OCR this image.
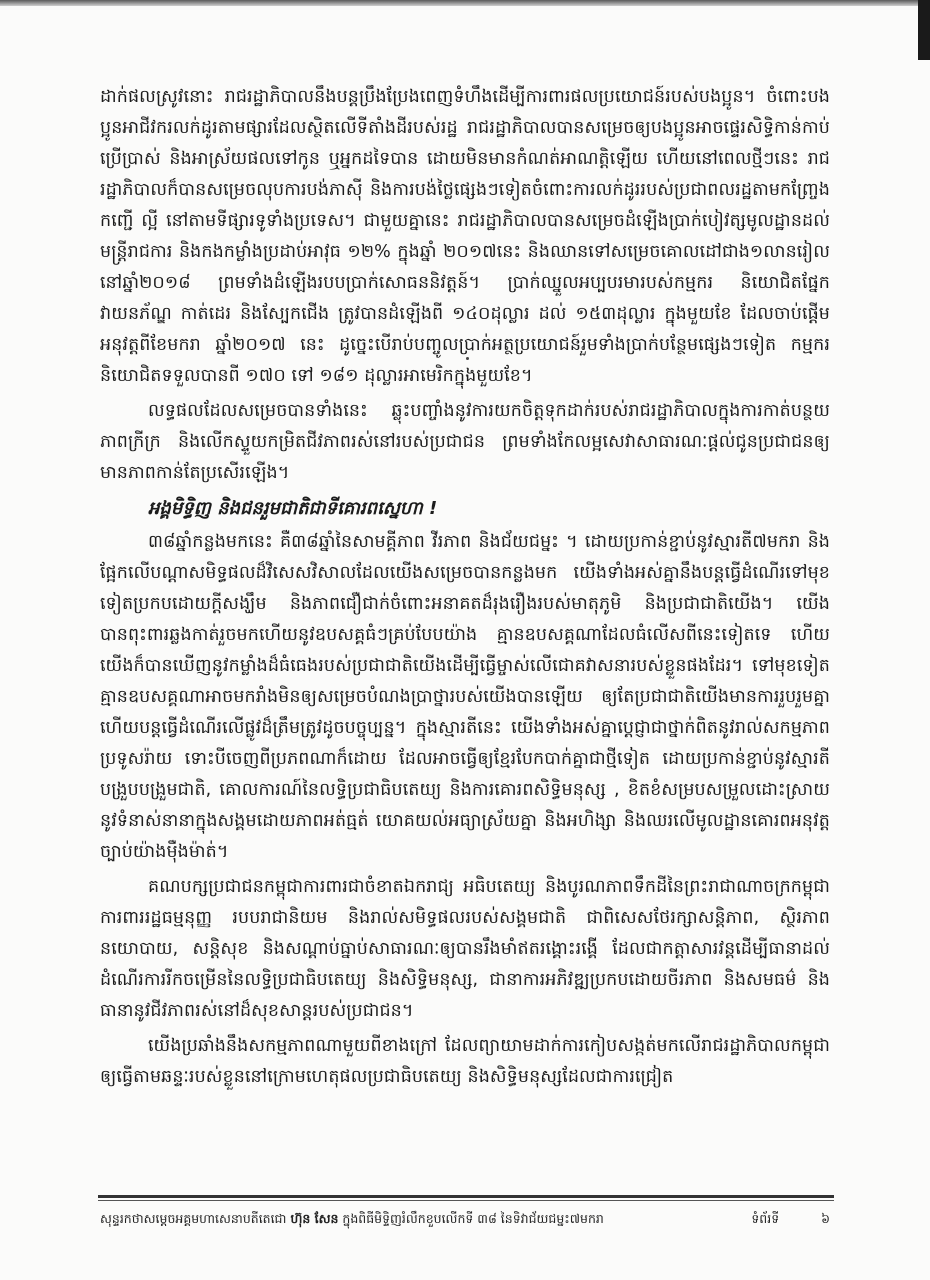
ដាក់ផលស្រូវនោះ រាជរដ្ឋាភិបាលនឹងបន្តប្រឹងប្រែងពេញទំហឹងដើម្បីការពារផលប្រយោជន៍របស់បងប្អូន។ ចំពោះបងប្អូនអាជីវករលក់ដូរតាមផ្សារដែលស្ថិតលើទីតាំងដីរបស់រដ្ឋ រាជរដ្ឋាភិបាលបានសម្រេចឲ្យបងប្អូនអាចផ្ទេរសិទ្ធិកាន់កាប់ ប្រើប្រាស់ និងអាស្រ័យផលទៅកូន ឬអ្នកដទៃបាន ដោយមិនមានកំណត់អាណត្តិឡើយ ហើយនៅពេលថ្មីៗនេះ រាជរដ្ឋាភិបាលក៏បានសម្រេចលុបការបង់ភាស៊ី និងការបង់ថ្លៃផ្សេងៗទៀតចំពោះការលក់ដូររបស់ប្រជាពលរដ្ឋតាមកញ្ច្រែង កញ្ជើ ល្អី នៅតាមទីផ្សារទូទាំងប្រទេស។ ជាមួយគ្នានេះ រាជរដ្ឋាភិបាលបានសម្រេចដំឡើងប្រាក់បៀវត្សមូលដ្ឋានដល់មន្ត្រីរាជការ និងកងកម្លាំងប្រដាប់អាវុធ ១២% ក្នុងឆ្នាំ ២០១៧នេះ និងឈានទៅសម្រេចគោលដៅជាង១លានរៀល នៅឆ្នាំ២០១៨ ព្រមទាំងដំឡើងរបបប្រាក់សោធននិវត្តន៍។ ប្រាក់ឈ្នួលអប្បបរមារបស់កម្មករ និយោជិតផ្នែកវាយនភ័ណ្ឌ កាត់ដេរ និងស្បែកជើង ត្រូវបានដំឡើងពី ១៤០ដុល្លារ ដល់ ១៥៣ដុល្លារ ក្នុងមួយខែ ដែលចាប់ផ្ដើមអនុវត្តពីខែមករា ឆ្នាំ២០១៧ នេះ ដូច្នេះបើរាប់បញ្ចូលប្រាក់អត្ថប្រយោជន៍រួមទាំងប្រាក់បន្ថែមផ្សេងៗទៀត កម្មករ និយោជិតទទួលបានពី ១៧០ ទៅ ១៨១ ដុល្លារអាមេរិកក្នុងមួយខែ។

លទ្ធផលដែលសម្រេចបានទាំងនេះ ឆ្លុះបញ្ចាំងនូវការយកចិត្តទុកដាក់របស់រាជរដ្ឋាភិបាលក្នុងការកាត់បន្ថយភាពក្រីក្រ និងលើកស្ទួយកម្រិតជីវភាពរស់នៅរបស់ប្រជាជន ព្រមទាំងកែលម្អសេវាសាធារណៈផ្ដល់ជូនប្រជាជនឲ្យមានភាពកាន់តែប្រសើរឡើង។

អង្គមិទ្ធិញ និងជនរួមជាតិជាទីគោរពស្នេហា !

៣៨ឆ្នាំកន្លងមកនេះ គឺ៣៨ឆ្នាំនៃសាមគ្គីភាព វីរភាព និងជ័យជម្នះ ។ ដោយប្រកាន់ខ្ជាប់នូវស្មារតី៧មករា និងផ្អែកលើបណ្ដាសមិទ្ធផលដ៏វិសេសវិសាលដែលយើងសម្រេចបានកន្លងមក យើងទាំងអស់គ្នានឹងបន្តធ្វើដំណើរទៅមុខទៀតប្រកបដោយក្ដីសង្ឃឹម និងភាពជឿជាក់ចំពោះអនាគតដ៏រុងរឿងរបស់មាតុភូមិ និងប្រជាជាតិយើង។ យើងបានពុះពារឆ្លងកាត់រួចមកហើយនូវឧបសគ្គធំៗគ្រប់បែបយ៉ាង គ្មានឧបសគ្គណាដែលធំលើសពីនេះទៀតទេ ហើយយើងក៏បានឃើញនូវកម្លាំងដ៏ធំធេងរបស់ប្រជាជាតិយើងដើម្បីធ្វើម្ចាស់លើជោគវាសនារបស់ខ្លួនផងដែរ។ ទៅមុខទៀត គ្មានឧបសគ្គណាអាចមករាំងមិនឲ្យសម្រេចបំណងប្រាថ្នារបស់យើងបានឡើយ ឲ្យតែប្រជាជាតិយើងមានការរួបរួមគ្នា ហើយបន្តធ្វើដំណើរលើផ្លូវដ៏ត្រឹមត្រូវដូចបច្ចុប្បន្ន។ ក្នុងស្មារតីនេះ យើងទាំងអស់គ្នាប្ដេជ្ញាជាថ្នាក់ពិតនូវរាល់សកម្មភាពប្រទូសរ៉ាយ ទោះបីចេញពីប្រភពណាក៏ដោយ ដែលអាចធ្វើឲ្យខ្មែរបែកបាក់គ្នាជាថ្មីទៀត ដោយប្រកាន់ខ្ជាប់នូវស្មារតីបង្រួបបង្រួមជាតិ, គោលការណ៍នៃលទ្ធិប្រជាធិបតេយ្យ និងការគោរពសិទ្ធិមនុស្ស , ខិតខំសម្របសម្រួលដោះស្រាយនូវទំនាស់នានាក្នុងសង្គមដោយភាពអត់ធ្មត់ យោគយល់អធ្យាស្រ័យគ្នា និងអហិង្សា និងឈរលើមូលដ្ឋានគោរពអនុវត្តច្បាប់យ៉ាងម៉ឺងម៉ាត់។

គណបក្សប្រជាជនកម្ពុជាការពារជាចំខាតឯករាជ្យ អធិបតេយ្យ និងបូរណភាពទឹកដីនៃព្រះរាជាណាចក្រកម្ពុជា ការពាររដ្ឋធម្មនុញ្ញ របបរាជានិយម និងរាល់សមិទ្ធផលរបស់សង្គមជាតិ ជាពិសេសថែរក្សាសន្តិភាព, ស្ថិរភាពនយោបាយ, សន្តិសុខ និងសណ្ដាប់ធ្នាប់សាធារណៈឲ្យបានរឹងមាំឥតរង្គោះរង្គើ ដែលជាកត្តាសារវន្តដើម្បីធានាដល់ដំណើរការរីកចម្រើននៃលទ្ធិប្រជាធិបតេយ្យ និងសិទ្ធិមនុស្ស, ជានាការអភិវឌ្ឍប្រកបដោយចីរភាព និងសមធម៌ និងធានានូវជីវភាពរស់នៅដ៏សុខសាន្តរបស់ប្រជាជន។

យើងប្រឆាំងនឹងសកម្មភាពណាមួយពីខាងក្រៅ ដែលព្យាយាមដាក់ការកៀបសង្កត់មកលើរាជរដ្ឋាភិបាលកម្ពុជាឲ្យធ្វើតាមឆន្ទៈរបស់ខ្លួននៅក្រោមហេតុផលប្រជាធិបតេយ្យ និងសិទ្ធិមនុស្សដែលជាការជ្រៀត

សុន្ទរកថាសម្ដេចអគ្គមហាសេនាបតីតេជោ ហ៊ុន សែន ក្នុងពិធីមិទ្ទិញរំលឹកខួបលើកទី ៣៨ នៃទិវាជ័យជម្នះ៧មករា	ទំព័រទី	៦
